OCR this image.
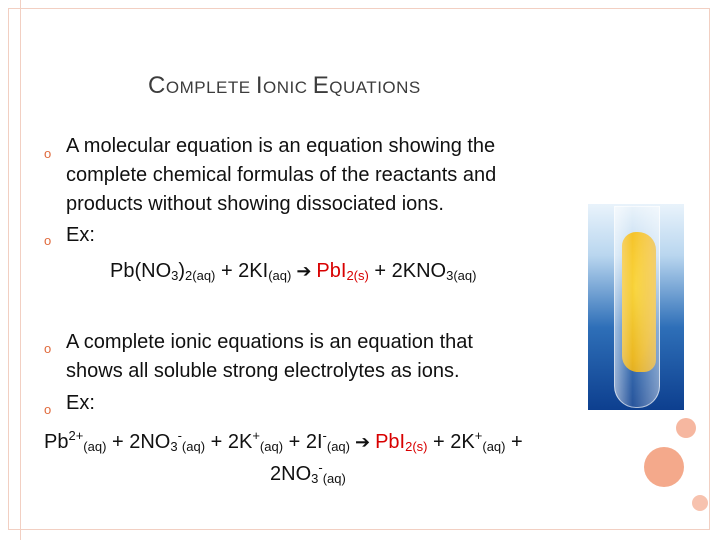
COMPLETE IONIC EQUATIONS
o A molecular equation is an equation showing the
complete chemical formulas of the reactants and
products without showing dissociated ions.
o Ex:
$Pb(NO_3)_{2(aq)} + 2KI_{(aq)}$ ➔ $PbI_{2(s)} + 2KNO_{3(aq)}$
o A complete ionic equations is an equation that
shows all soluble strong electrolytes as ions.
o Ex:
$Pb^{2+}_{(aq)} + 2NO_3^-_{(aq)} + 2K^+_{(aq)} + 2I^-_{(aq)}$ ➔ $PbI_{2(s)} + 2K^+_{(aq)}$ +
$2NO_3^-_{(aq)}$
